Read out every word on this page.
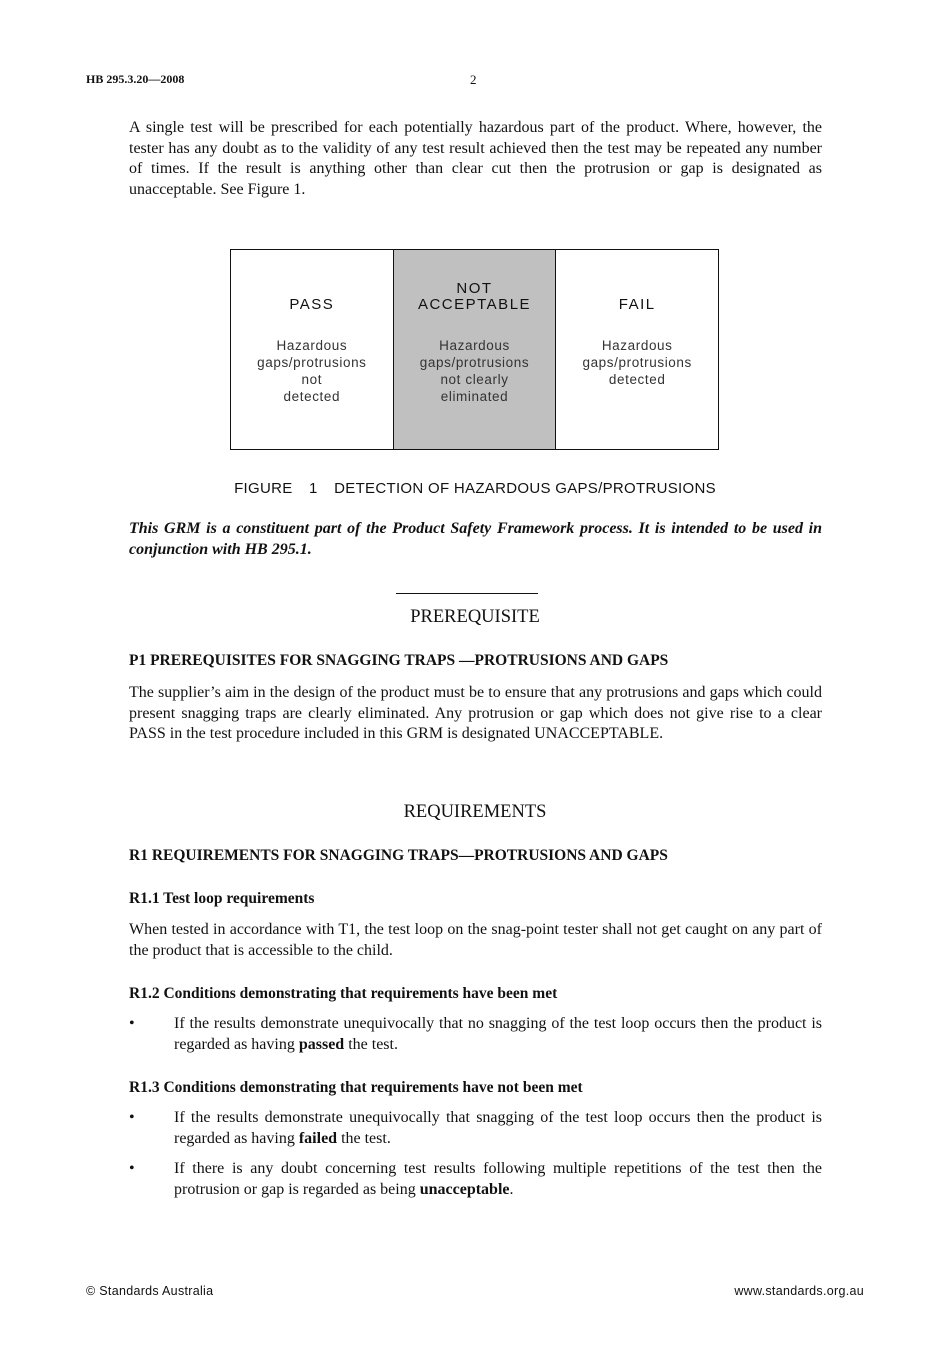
HB 295.3.20—2008	2
A single test will be prescribed for each potentially hazardous part of the product. Where, however, the tester has any doubt as to the validity of any test result achieved then the test may be repeated any number of times. If the result is anything other than clear cut then the protrusion or gap is designated as unacceptable. See Figure 1.
PASS
Hazardous
gaps/protrusions
not
detected
NOT
ACCEPTABLE
Hazardous
gaps/protrusions
not clearly
eliminated
FAIL
Hazardous
gaps/protrusions
detected
FIGURE 1 DETECTION OF HAZARDOUS GAPS/PROTRUSIONS
This GRM is a constituent part of the Product Safety Framework process. It is intended to be used in conjunction with HB 295.1.
PREREQUISITE
P1 PREREQUISITES FOR SNAGGING TRAPS —PROTRUSIONS AND GAPS
The supplier’s aim in the design of the product must be to ensure that any protrusions and gaps which could present snagging traps are clearly eliminated. Any protrusion or gap which does not give rise to a clear PASS in the test procedure included in this GRM is designated UNACCEPTABLE.
REQUIREMENTS
R1 REQUIREMENTS FOR SNAGGING TRAPS—PROTRUSIONS AND GAPS
R1.1 Test loop requirements
When tested in accordance with T1, the test loop on the snag-point tester shall not get caught on any part of the product that is accessible to the child.
R1.2 Conditions demonstrating that requirements have been met
• If the results demonstrate unequivocally that no snagging of the test loop occurs then the product is regarded as having passed the test.
R1.3 Conditions demonstrating that requirements have not been met
• If the results demonstrate unequivocally that snagging of the test loop occurs then the product is regarded as having failed the test.
• If there is any doubt concerning test results following multiple repetitions of the test then the protrusion or gap is regarded as being unacceptable.
© Standards Australia	www.standards.org.au
